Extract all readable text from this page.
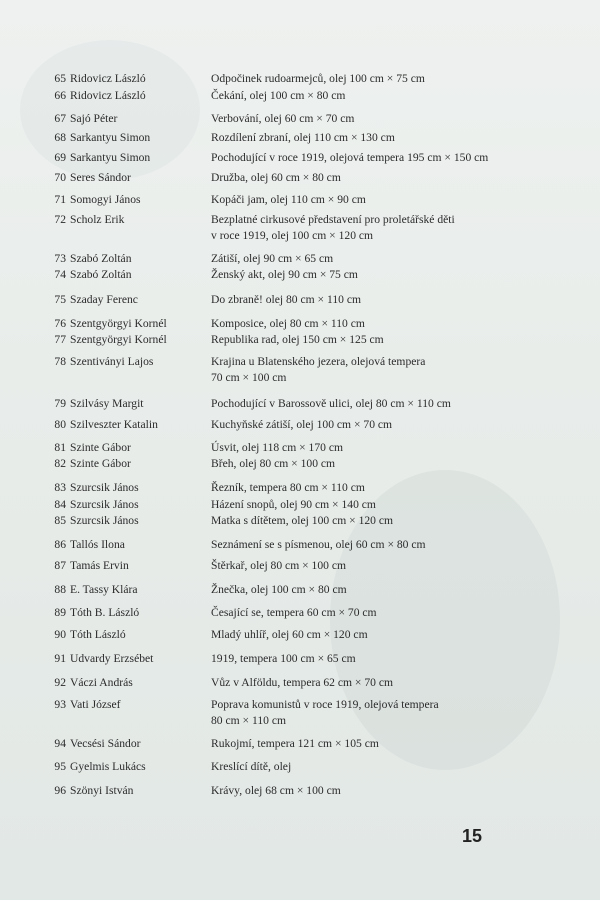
65 Ridovicz László	Odpočinek rudoarmejců, olej 100 cm × 75 cm
66 Ridovicz László	Čekání, olej 100 cm × 80 cm
67 Sajó Péter	Verbování, olej 60 cm × 70 cm
68 Sarkantyu Simon	Rozdílení zbraní, olej 110 cm × 130 cm
69 Sarkantyu Simon	Pochodující v roce 1919, olejová tempera 195 cm × 150 cm
70 Seres Sándor	Družba, olej 60 cm × 80 cm
71 Somogyi János	Kopáči jam, olej 110 cm × 90 cm
72 Scholz Erik	Bezplatné cirkusové představení pro proletářské děti
v roce 1919, olej 100 cm × 120 cm
73 Szabó Zoltán	Zátiší, olej 90 cm × 65 cm
74 Szabó Zoltán	Ženský akt, olej 90 cm × 75 cm
75 Szaday Ferenc	Do zbraně! olej 80 cm × 110 cm
76 Szentgyörgyi Kornél	Komposice, olej 80 cm × 110 cm
77 Szentgyörgyi Kornél	Republika rad, olej 150 cm × 125 cm
78 Szentiványi Lajos	Krajina u Blatenského jezera, olejová tempera
70 cm × 100 cm
79 Szilvásy Margit	Pochodující v Barossově ulici, olej 80 cm × 110 cm
80 Szilveszter Katalin	Kuchyňské zátiší, olej 100 cm × 70 cm
81 Szinte Gábor	Úsvit, olej 118 cm × 170 cm
82 Szinte Gábor	Břeh, olej 80 cm × 100 cm
83 Szurcsik János	Řezník, tempera 80 cm × 110 cm
84 Szurcsik János	Házení snopů, olej 90 cm × 140 cm
85 Szurcsik János	Matka s dítětem, olej 100 cm × 120 cm
86 Tallós Ilona	Seznámení se s písmenou, olej 60 cm × 80 cm
87 Tamás Ervin	Štěrkař, olej 80 cm × 100 cm
88 E. Tassy Klára	Žnečka, olej 100 cm × 80 cm
89 Tóth B. László	Česající se, tempera 60 cm × 70 cm
90 Tóth László	Mladý uhlíř, olej 60 cm × 120 cm
91 Udvardy Erzsébet	1919, tempera 100 cm × 65 cm
92 Váczi András	Vůz v Alföldu, tempera 62 cm × 70 cm
93 Vati József	Poprava komunistů v roce 1919, olejová tempera
80 cm × 110 cm
94 Vecsési Sándor	Rukojmí, tempera 121 cm × 105 cm
95 Gyelmis Lukács	Kreslící dítě, olej
96 Szönyi István	Krávy, olej 68 cm × 100 cm
15
